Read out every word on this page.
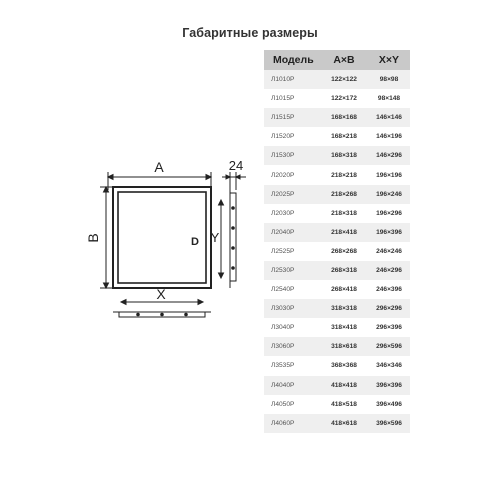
Габаритные размеры
A
B	D Y
24
X
Модель	A×B	X×Y
Л1010Р	122×122	98×98
Л1015Р	122×172	98×148
Л1515Р	168×168	146×146
Л1520Р	168×218	146×196
Л1530Р	168×318	146×296
Л2020Р	218×218	196×196
Л2025Р	218×268	196×246
Л2030Р	218×318	196×296
Л2040Р	218×418	196×396
Л2525Р	268×268	246×246
Л2530Р	268×318	246×296
Л2540Р	268×418	246×396
Л3030Р	318×318	296×296
Л3040Р	318×418	296×396
Л3060Р	318×618	296×596
Л3535Р	368×368	346×346
Л4040Р	418×418	396×396
Л4050Р	418×518	396×496
Л4060Р	418×618	396×596
